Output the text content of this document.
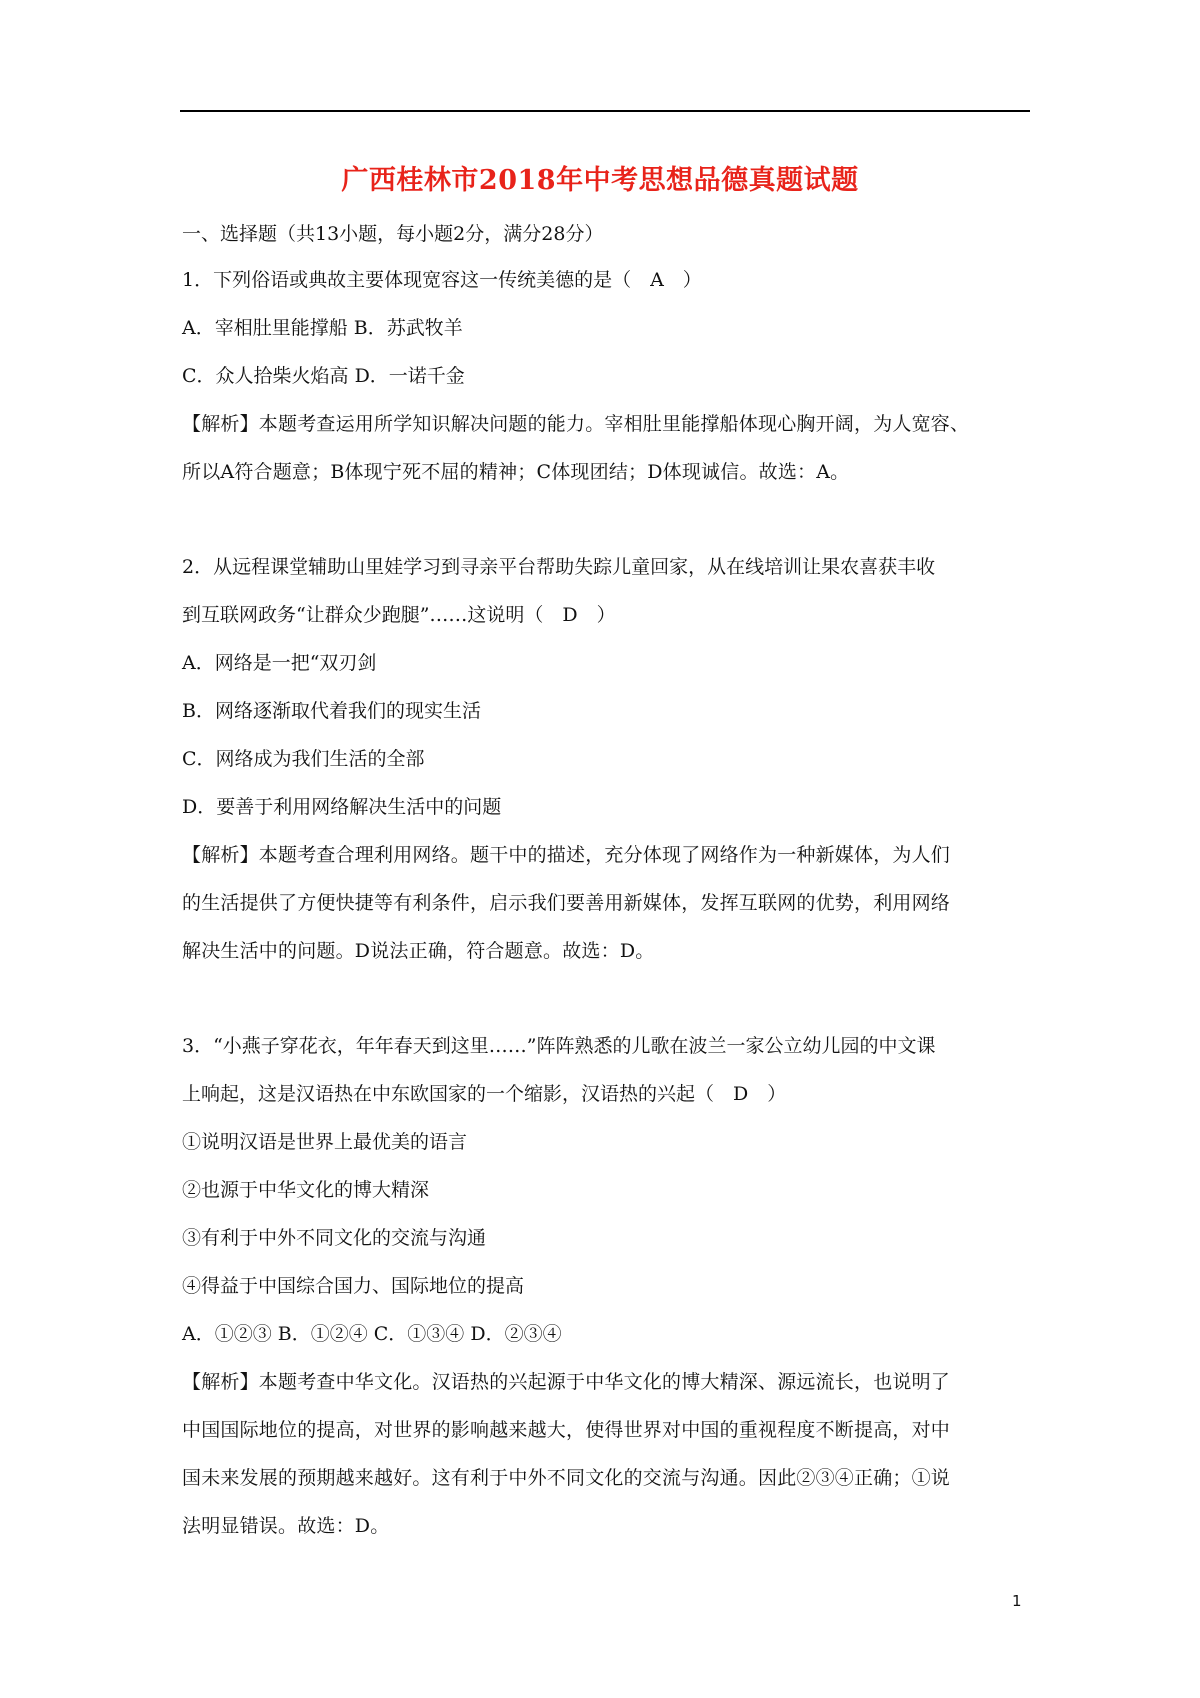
广西桂林市2018年中考思想品德真题试题
一、选择题（共13小题，每小题2分，满分28分）
1．下列俗语或典故主要体现宽容这一传统美德的是（　A　）
A．宰相肚里能撑船 B．苏武牧羊
C．众人拾柴火焰高 D．一诺千金
【解析】本题考查运用所学知识解决问题的能力。宰相肚里能撑船体现心胸开阔，为人宽容、
所以A符合题意；B体现宁死不屈的精神；C体现团结；D体现诚信。故选：A。
2．从远程课堂辅助山里娃学习到寻亲平台帮助失踪儿童回家，从在线培训让果农喜获丰收
到互联网政务“让群众少跑腿”……这说明（　D　）
A．网络是一把“双刃剑
B．网络逐渐取代着我们的现实生活
C．网络成为我们生活的全部
D．要善于利用网络解决生活中的问题
【解析】本题考查合理利用网络。题干中的描述，充分体现了网络作为一种新媒体，为人们
的生活提供了方便快捷等有利条件，启示我们要善用新媒体，发挥互联网的优势，利用网络
解决生活中的问题。D说法正确，符合题意。故选：D。
3．“小燕子穿花衣，年年春天到这里……”阵阵熟悉的儿歌在波兰一家公立幼儿园的中文课
上响起，这是汉语热在中东欧国家的一个缩影，汉语热的兴起（　D　）
①说明汉语是世界上最优美的语言
②也源于中华文化的博大精深
③有利于中外不同文化的交流与沟通
④得益于中国综合国力、国际地位的提高
A．①②③ B．①②④ C．①③④ D．②③④
【解析】本题考查中华文化。汉语热的兴起源于中华文化的博大精深、源远流长，也说明了
中国国际地位的提高，对世界的影响越来越大，使得世界对中国的重视程度不断提高，对中
国未来发展的预期越来越好。这有利于中外不同文化的交流与沟通。因此②③④正确；①说
法明显错误。故选：D。
1
